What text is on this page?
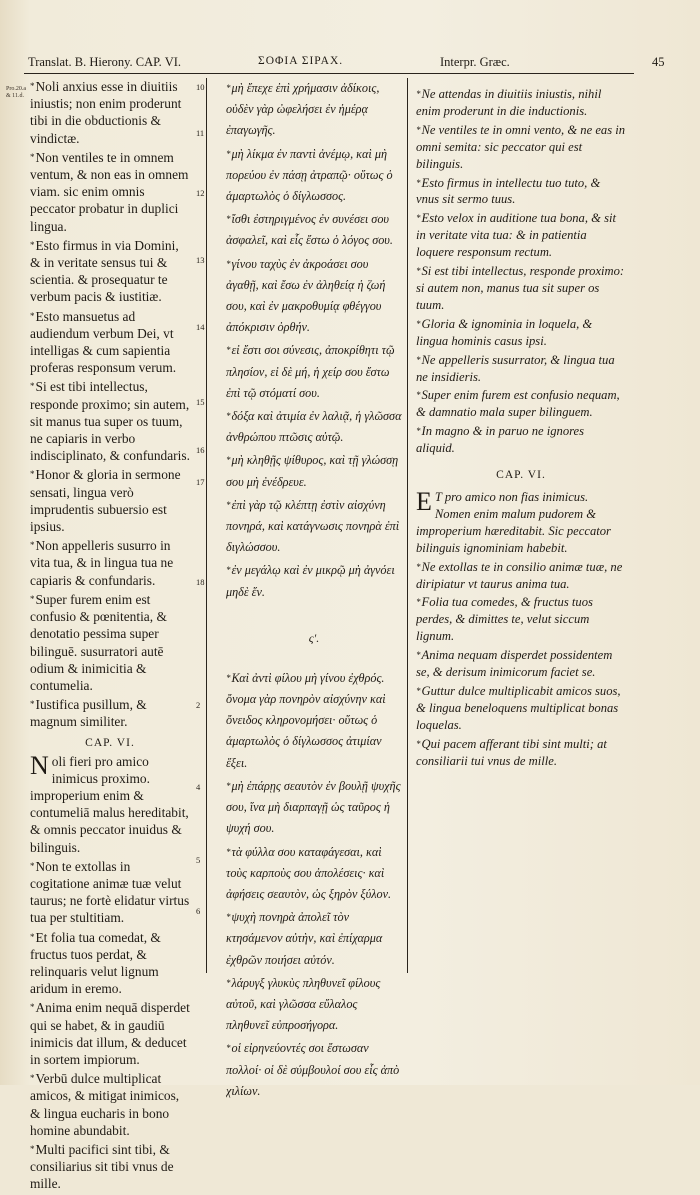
Translat. B. Hierony. CAP. VI.	ΣΟΦΙΑ ΣΙΡΑΧ.	Interpr. Græc.	45
Pro.20.a & 11.d.
10
11
12
13
14
15
16
17
18
2
4
5
6

*Noli anxius esse in diuitiis iniustis; non enim proderunt tibi in die obductionis & vindictæ.

*Non ventiles te in omnem ventum, & non eas in omnem viam. sic enim omnis peccator probatur in duplici lingua.

*Esto firmus in via Domini, & in veritate sensus tui & scientia. & prosequatur te verbum pacis & iustitiæ.

*Esto mansuetus ad audiendum verbum Dei, vt intelligas & cum sapientia proferas responsum verum.

*Si est tibi intellectus, responde proximo; sin autem, sit manus tua super os tuum, ne capiaris in verbo indisciplinato, & confundaris.

*Honor & gloria in sermone sensati, lingua verò imprudentis subuersio est ipsius.

*Non appelleris susurro in vita tua, & in lingua tua ne capiaris & confundaris.

*Super furem enim est confusio & pœnitentia, & denotatio pessima super bilinguē. susurratori autē odium & inimicitia & contumelia.

*Iustifica pusillum, & magnum similiter.

CAP. VI.

Noli fieri pro amico inimicus proximo. improperium enim & contumeliā malus hereditabit, & omnis peccator inuidus & bilinguis.

*Non te extollas in cogitatione animæ tuæ velut taurus; ne fortè elidatur virtus tua per stultitiam.

*Et folia tua comedat, & fructus tuos perdat, & relinquaris velut lignum aridum in eremo.

*Anima enim nequā disperdet qui se habet, & in gaudiū inimicis dat illum, & deducet in sortem impiorum.

*Verbū dulce multiplicat amicos, & mitigat inimicos, & lingua eucharis in bono homine abundabit.

*Multi pacifici sint tibi, & consiliarius sit tibi vnus de mille.

*μὴ ἔπεχε ἐπὶ χρήμασιν ἀδίκοις, οὐδὲν γὰρ ὠφελήσει ἐν ἡμέρᾳ ἐπαγωγῆς.

*μὴ λίκμα ἐν παντὶ ἀνέμῳ, καὶ μὴ πορεύου ἐν πάσῃ ἀτραπῷ· οὕτως ὁ ἁμαρτωλὸς ὁ δίγλωσσος.

*ἴσθι ἐστηριγμένος ἐν συνέσει σου ἀσφαλεῖ, καὶ εἷς ἔστω ὁ λόγος σου.

*γίνου ταχὺς ἐν ἀκροάσει σου ἀγαθῇ, καὶ ἔσω ἐν ἀληθείᾳ ἡ ζωή σου, καὶ ἐν μακροθυμίᾳ φθέγγου ἀπόκρισιν ὀρθήν.

*εἰ ἔστι σοι σύνεσις, ἀποκρίθητι τῷ πλησίον, εἰ δὲ μή, ἡ χείρ σου ἔστω ἐπὶ τῷ στόματί σου.

*δόξα καὶ ἀτιμία ἐν λαλιᾷ, ἡ γλῶσσα ἀνθρώπου πτῶσις αὐτῷ.

*μὴ κληθῇς ψίθυρος, καὶ τῇ γλώσσῃ σου μὴ ἐνέδρευε.

*ἐπὶ γὰρ τῷ κλέπτῃ ἐστὶν αἰσχύνη πονηρά, καὶ κατάγνωσις πονηρὰ ἐπὶ διγλώσσου.

*ἐν μεγάλῳ καὶ ἐν μικρῷ μὴ ἀγνόει μηδὲ ἕν.

ς'.

*Καὶ ἀντὶ φίλου μὴ γίνου ἐχθρός. ὄνομα γὰρ πονηρὸν αἰσχύνην καὶ ὄνειδος κληρονομήσει· οὕτως ὁ ἁμαρτωλὸς ὁ δίγλωσσος ἀτιμίαν ἕξει.

*μὴ ἐπάρῃς σεαυτὸν ἐν βουλῇ ψυχῆς σου, ἵνα μὴ διαρπαγῇ ὡς ταῦρος ἡ ψυχή σου.

*τὰ φύλλα σου καταφάγεσαι, καὶ τοὺς καρποὺς σου ἀπολέσεις· καὶ ἀφήσεις σεαυτὸν, ὡς ξηρὸν ξύλον.

*ψυχὴ πονηρὰ ἀπολεῖ τὸν κτησάμενον αὐτὴν, καὶ ἐπίχαρμα ἐχθρῶν ποιήσει αὐτόν.

*λάρυγξ γλυκὺς πληθυνεῖ φίλους αὐτοῦ, καὶ γλῶσσα εὔλαλος πληθυνεῖ εὐπροσήγορα.

*οἱ εἰρηνεύοντές σοι ἔστωσαν πολλοί· οἱ δὲ σύμβουλοί σου εἷς ἀπὸ χιλίων.

*Ne attendas in diuitiis iniustis, nihil enim proderunt in die inductionis.

*Ne ventiles te in omni vento, & ne eas in omni semita: sic peccator qui est bilinguis.

*Esto firmus in intellectu tuo tuto, & vnus sit sermo tuus.

*Esto velox in auditione tua bona, & sit in veritate vita tua: & in patientia loquere responsum rectum.

*Si est tibi intellectus, responde proximo: si autem non, manus tua sit super os tuum.

*Gloria & ignominia in loquela, & lingua hominis casus ipsi.

*Ne appelleris susurrator, & lingua tua ne insidieris.

*Super enim furem est confusio nequam, & damnatio mala super bilinguem.

*In magno & in paruo ne ignores aliquid.

CAP. VI.

E T pro amico non fias inimicus. Nomen enim malum pudorem & improperium hæreditabit. Sic peccator bilinguis ignominiam habebit.

*Ne extollas te in consilio animæ tuæ, ne diripiatur vt taurus anima tua.

*Folia tua comedes, & fructus tuos perdes, & dimittes te, velut siccum lignum.

*Anima nequam disperdet possidentem se, & derisum inimicorum faciet se.

*Guttur dulce multiplicabit amicos suos, & lingua beneloquens multiplicat bonas loquelas.

*Qui pacem afferant tibi sint multi; at consiliarii tui vnus de mille.
